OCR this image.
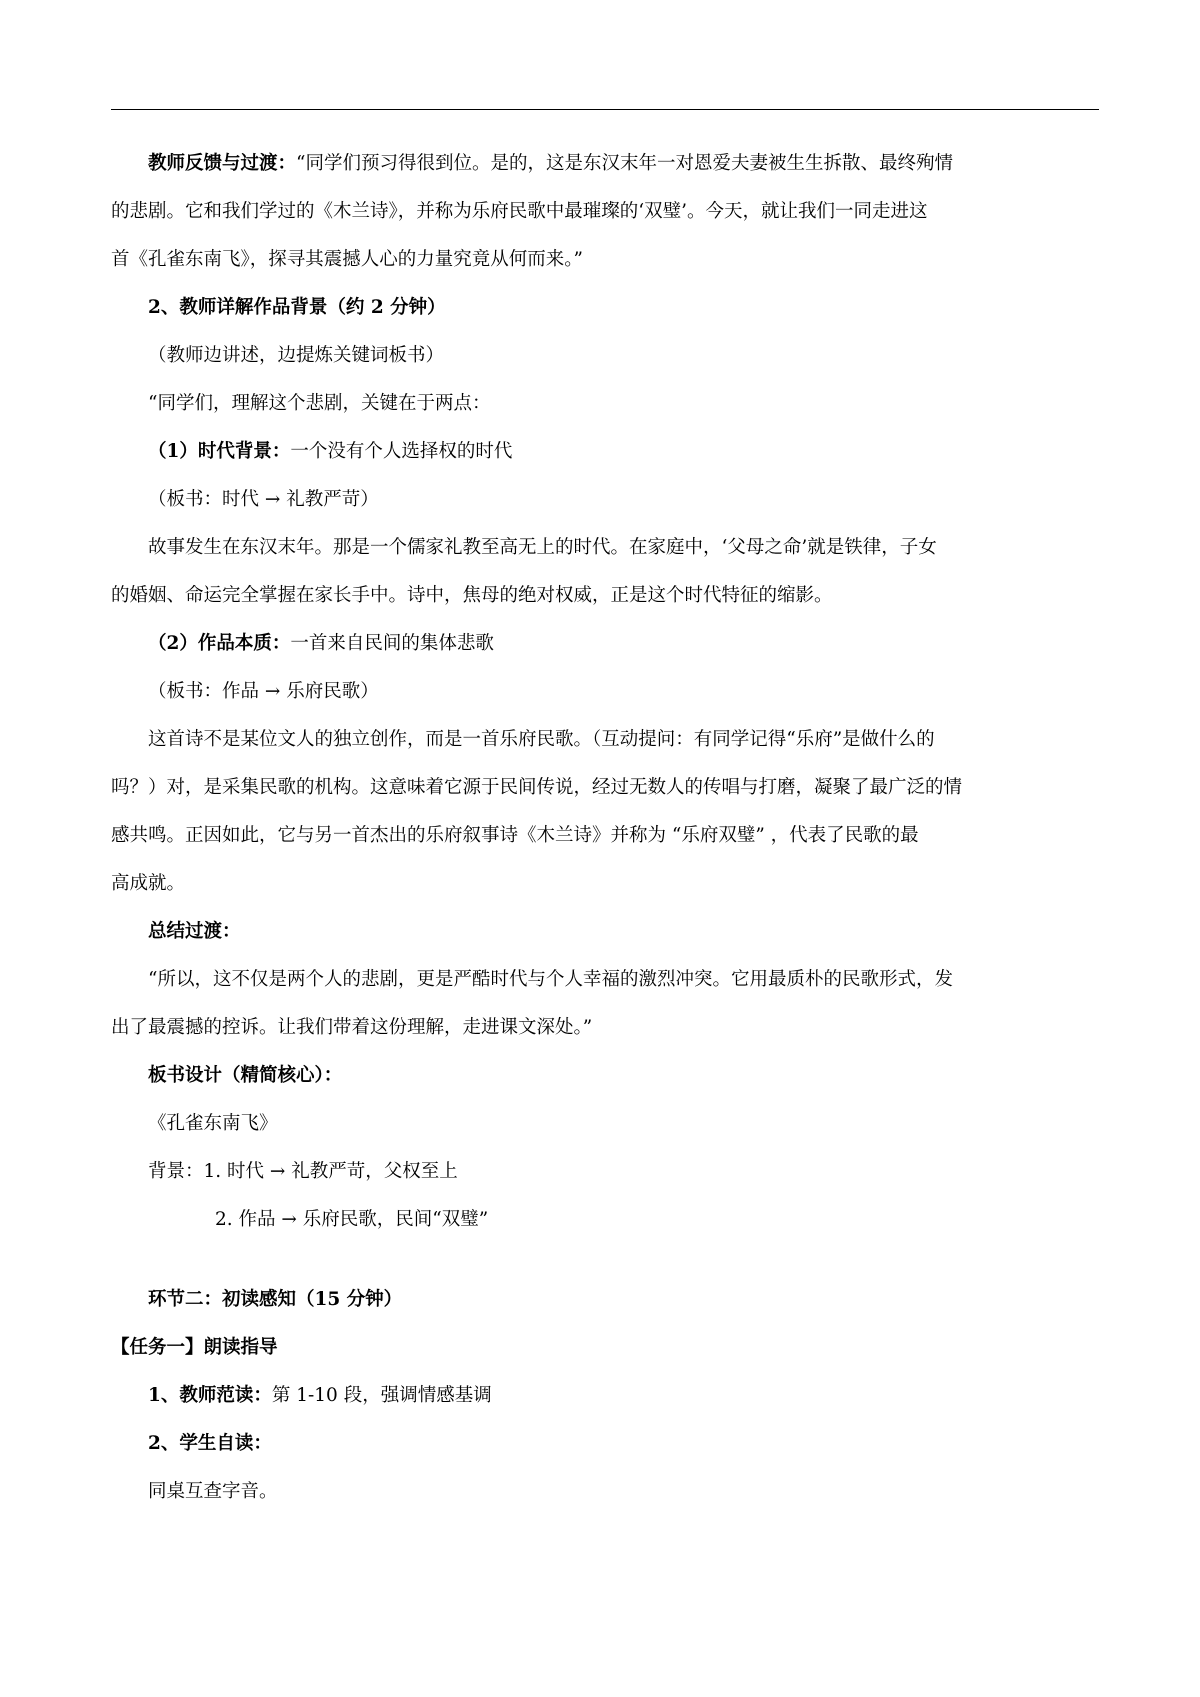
教师反馈与过渡：“同学们预习得很到位。是的，这是东汉末年一对恩爱夫妻被生生拆散、最终殉情
的悲剧。它和我们学过的《木兰诗》，并称为乐府民歌中最璀璨的‘双璧’。今天，就让我们一同走进这
首《孔雀东南飞》，探寻其震撼人心的力量究竟从何而来。”
2、教师详解作品背景（约 2 分钟）
（教师边讲述，边提炼关键词板书）
“同学们，理解这个悲剧，关键在于两点：
（1）时代背景：一个没有个人选择权的时代
（板书：时代 → 礼教严苛）
故事发生在东汉末年。那是一个儒家礼教至高无上的时代。在家庭中，‘父母之命’就是铁律，子女
的婚姻、命运完全掌握在家长手中。诗中，焦母的绝对权威，正是这个时代特征的缩影。
（2）作品本质：一首来自民间的集体悲歌
（板书：作品 → 乐府民歌）
这首诗不是某位文人的独立创作，而是一首乐府民歌。（互动提问：有同学记得“乐府”是做什么的
吗？）对，是采集民歌的机构。这意味着它源于民间传说，经过无数人的传唱与打磨，凝聚了最广泛的情
感共鸣。正因如此，它与另一首杰出的乐府叙事诗《木兰诗》并称为 “乐府双璧” ，代表了民歌的最
高成就。
总结过渡：
“所以，这不仅是两个人的悲剧，更是严酷时代与个人幸福的激烈冲突。它用最质朴的民歌形式，发
出了最震撼的控诉。让我们带着这份理解，走进课文深处。”
板书设计（精简核心）：
《孔雀东南飞》
背景：1. 时代 → 礼教严苛，父权至上
2. 作品 → 乐府民歌，民间“双璧”
环节二：初读感知（15 分钟）
【任务一】朗读指导
1、教师范读：第 1-10 段，强调情感基调
2、学生自读：
同桌互查字音。
